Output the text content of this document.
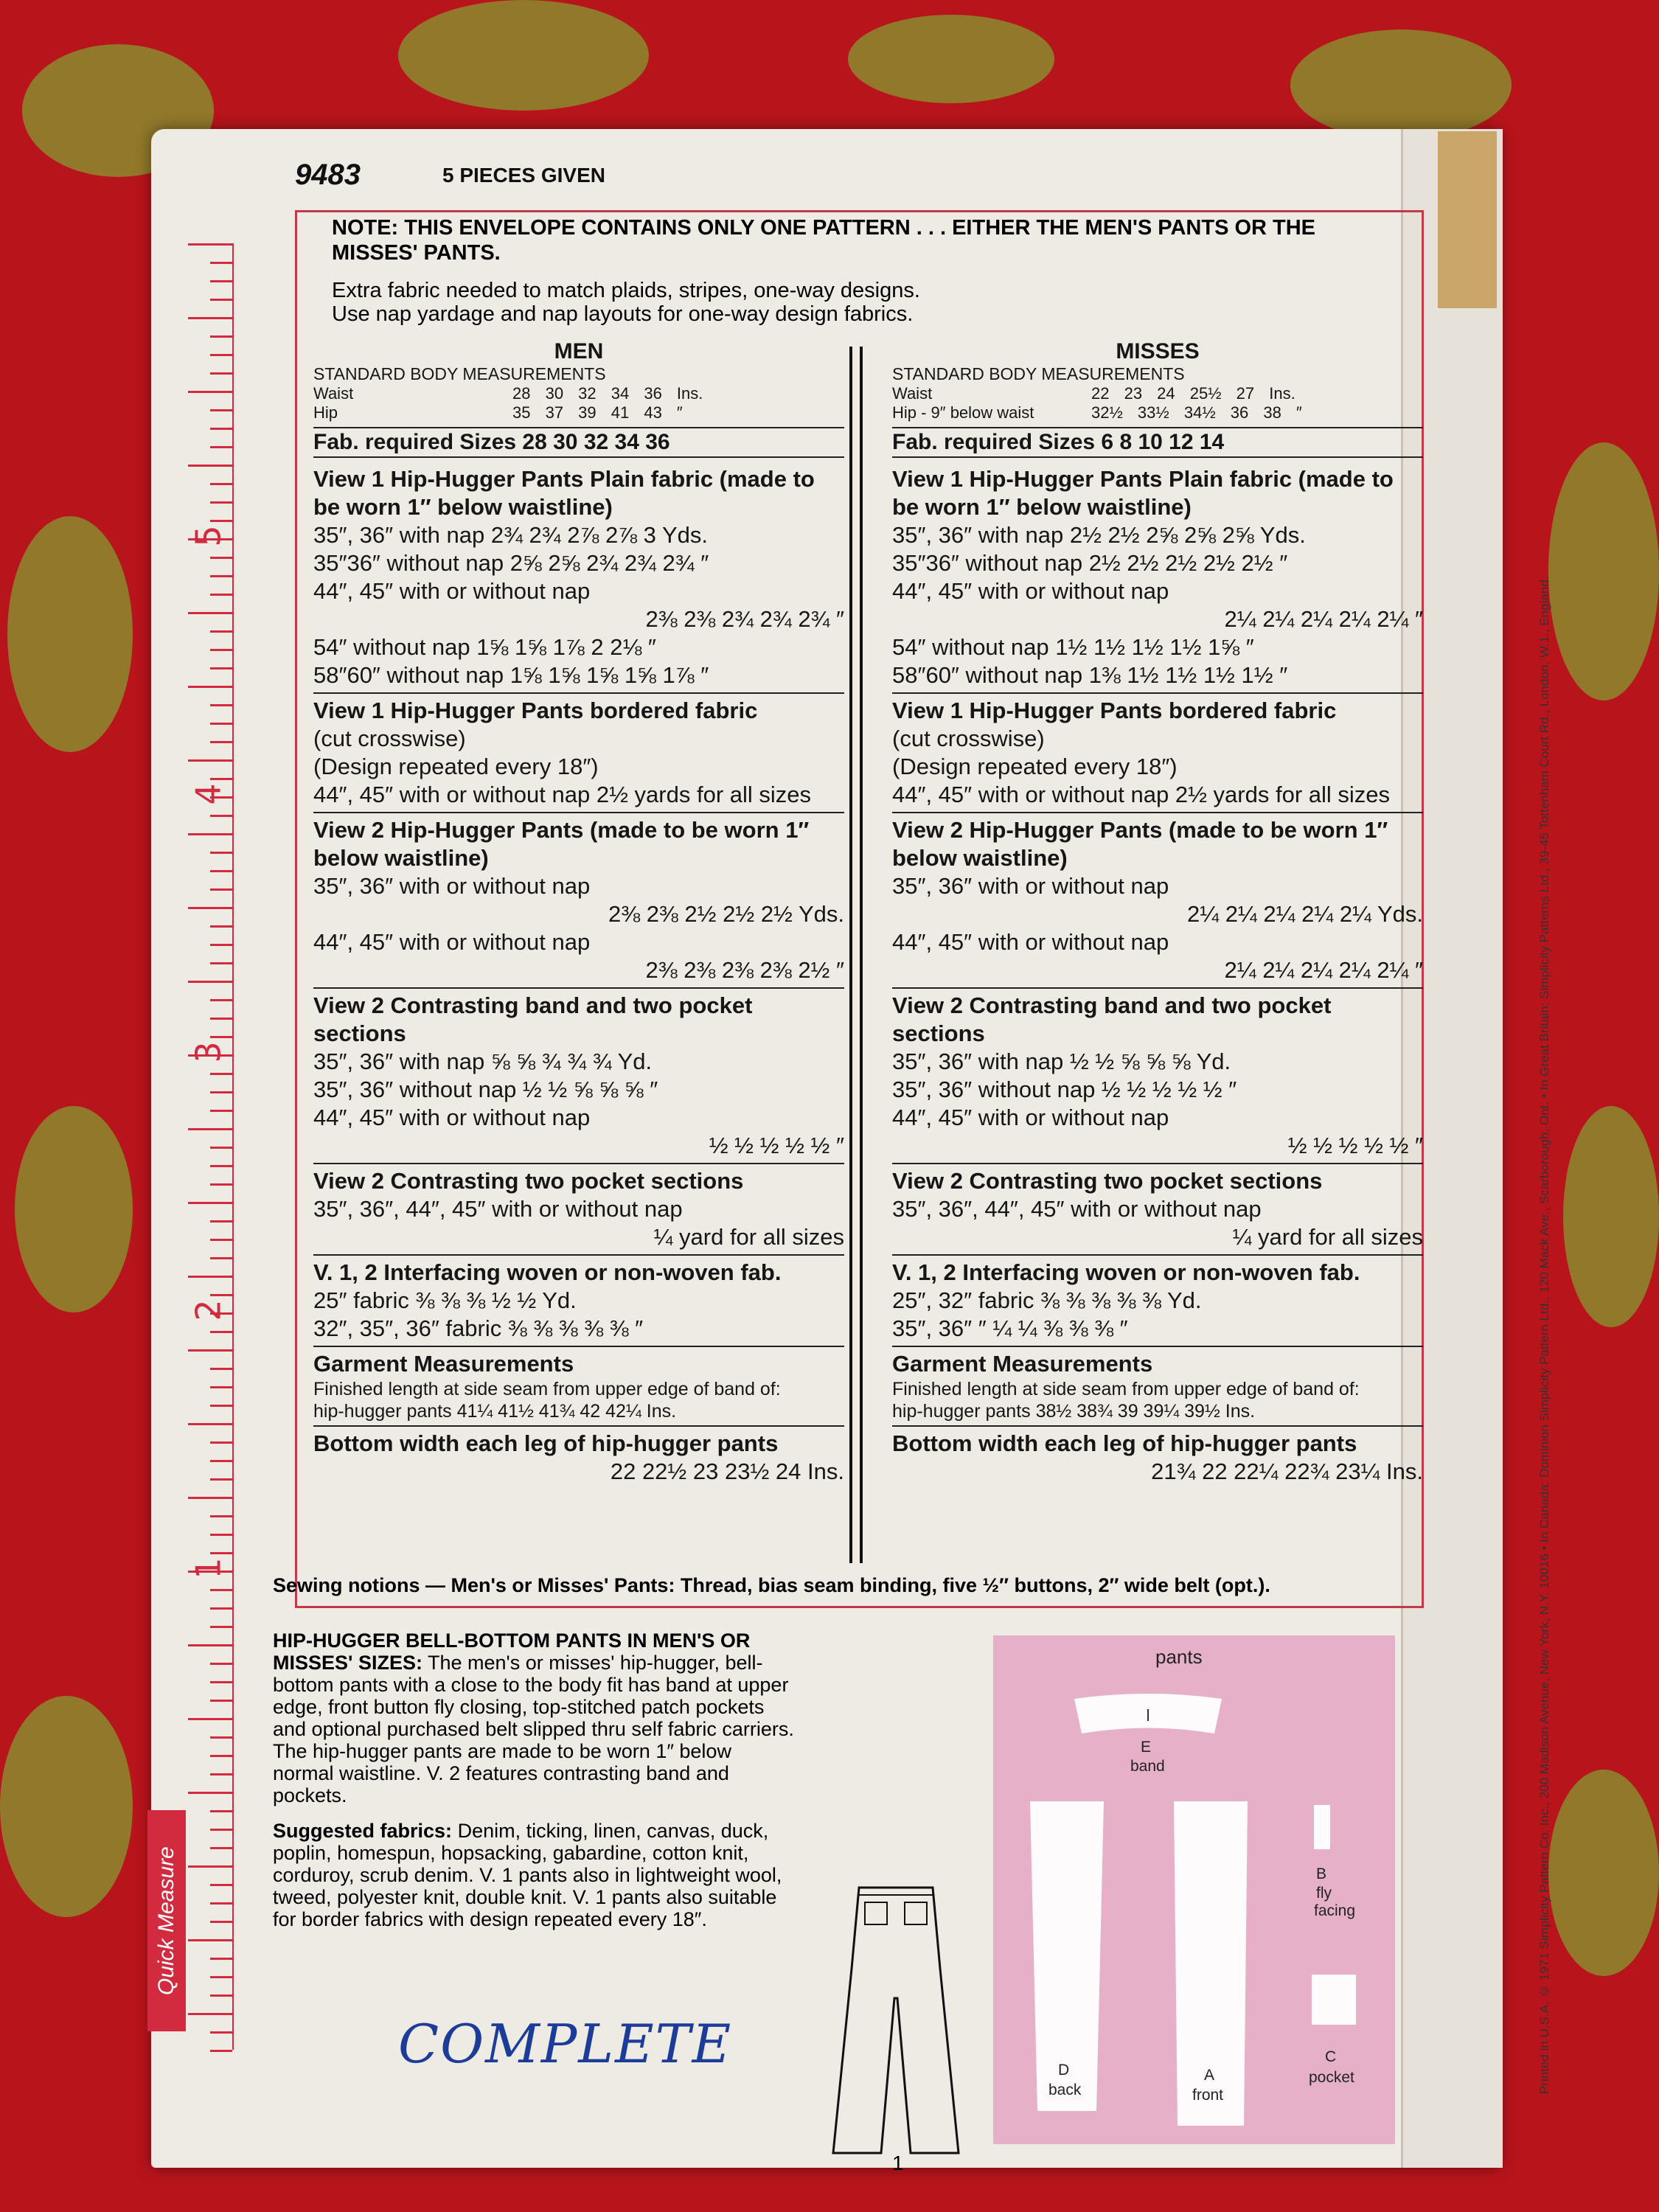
5
4
3
2
1
Quick Measure	Printed in U.S.A. © 1971 Simplicity Pattern Co. Inc., 200 Madison Avenue, New York, N.Y. 10016 • In Canada: Dominion Simplicity Pattern Ltd., 120 Mack Ave., Scarborough, Ont. • In Great Britain: Simplicity Patterns Ltd., 39-45 Tottenham Court Rd., London, W.1., England.
9483	5 PIECES GIVEN
NOTE: THIS ENVELOPE CONTAINS ONLY ONE PATTERN . . . EITHER THE MEN'S PANTS OR THE MISSES' PANTS.
Extra fabric needed to match plaids, stripes, one-way designs.
Use nap yardage and nap layouts for one-way design fabrics.
MEN
STANDARD BODY MEASUREMENTS
Waist	28 30 32 34 36 Ins.
Hip	35 37 39 41 43 ″
Fab. required Sizes 28 30 32 34 36
View 1 Hip-Hugger Pants Plain fabric (made to be worn 1″ below waistline)
35″, 36″ with nap 2¾ 2¾ 2⅞ 2⅞ 3 Yds.
35″36″ without nap 2⅝ 2⅝ 2¾ 2¾ 2¾ ″
44″, 45″ with or without nap
2⅜ 2⅜ 2¾ 2¾ 2¾ ″
54″ without nap 1⅝ 1⅝ 1⅞ 2 2⅛ ″
58″60″ without nap 1⅝ 1⅝ 1⅝ 1⅝ 1⅞ ″
View 1 Hip-Hugger Pants bordered fabric
(cut crosswise)
(Design repeated every 18″)
44″, 45″ with or without nap 2½ yards for all sizes
View 2 Hip-Hugger Pants (made to be worn 1″ below waistline)
35″, 36″ with or without nap
2⅜ 2⅜ 2½ 2½ 2½ Yds.
44″, 45″ with or without nap
2⅜ 2⅜ 2⅜ 2⅜ 2½ ″
View 2 Contrasting band and two pocket sections
35″, 36″ with nap ⅝ ⅝ ¾ ¾ ¾ Yd.
35″, 36″ without nap ½ ½ ⅝ ⅝ ⅝ ″
44″, 45″ with or without nap
½ ½ ½ ½ ½ ″
View 2 Contrasting two pocket sections
35″, 36″, 44″, 45″ with or without nap
¼ yard for all sizes
V. 1, 2 Interfacing woven or non-woven fab.
25″ fabric ⅜ ⅜ ⅜ ½ ½ Yd.
32″, 35″, 36″ fabric ⅜ ⅜ ⅜ ⅜ ⅜ ″
Garment Measurements
Finished length at side seam from upper edge of band of:
hip-hugger pants 41¼ 41½ 41¾ 42 42¼ Ins.
Bottom width each leg of hip-hugger pants
22 22½ 23 23½ 24 Ins.
MISSES
STANDARD BODY MEASUREMENTS
Waist	22 23 24 25½ 27 Ins.
Hip - 9″ below waist	32½ 33½ 34½ 36 38 ″
Fab. required Sizes 6 8 10 12 14
View 1 Hip-Hugger Pants Plain fabric (made to be worn 1″ below waistline)
35″, 36″ with nap 2½ 2½ 2⅝ 2⅝ 2⅝ Yds.
35″36″ without nap 2½ 2½ 2½ 2½ 2½ ″
44″, 45″ with or without nap
2¼ 2¼ 2¼ 2¼ 2¼ ″
54″ without nap 1½ 1½ 1½ 1½ 1⅝ ″
58″60″ without nap 1⅜ 1½ 1½ 1½ 1½ ″
View 1 Hip-Hugger Pants bordered fabric
(cut crosswise)
(Design repeated every 18″)
44″, 45″ with or without nap 2½ yards for all sizes
View 2 Hip-Hugger Pants (made to be worn 1″ below waistline)
35″, 36″ with or without nap
2¼ 2¼ 2¼ 2¼ 2¼ Yds.
44″, 45″ with or without nap
2¼ 2¼ 2¼ 2¼ 2¼ ″
View 2 Contrasting band and two pocket sections
35″, 36″ with nap ½ ½ ⅝ ⅝ ⅝ Yd.
35″, 36″ without nap ½ ½ ½ ½ ½ ″
44″, 45″ with or without nap
½ ½ ½ ½ ½ ″
View 2 Contrasting two pocket sections
35″, 36″, 44″, 45″ with or without nap
¼ yard for all sizes
V. 1, 2 Interfacing woven or non-woven fab.
25″, 32″ fabric ⅜ ⅜ ⅜ ⅜ ⅜ Yd.
35″, 36″ ″ ¼ ¼ ⅜ ⅜ ⅜ ″
Garment Measurements
Finished length at side seam from upper edge of band of:
hip-hugger pants 38½ 38¾ 39 39¼ 39½ Ins.
Bottom width each leg of hip-hugger pants
21¾ 22 22¼ 22¾ 23¼ Ins.
Sewing notions — Men's or Misses' Pants: Thread, bias seam binding, five ½″ buttons, 2″ wide belt (opt.).
HIP-HUGGER BELL-BOTTOM PANTS IN MEN'S OR MISSES' SIZES: The men's or misses' hip-hugger, bell-bottom pants with a close to the body fit has band at upper edge, front button fly closing, top-stitched patch pockets and optional purchased belt slipped thru self fabric carriers. The hip-hugger pants are made to be worn 1″ below normal waistline. V. 2 features contrasting band and pockets.
Suggested fabrics: Denim, ticking, linen, canvas, duck, poplin, homespun, hopsacking, gabardine, cotton knit, corduroy, scrub denim. V. 1 pants also in lightweight wool, tweed, polyester knit, double knit. V. 1 pants also suitable for border fabrics with design repeated every 18″.
COMPLETE
pants
E
band
D
back
A
front
B
fly
facing
C
pocket
1
